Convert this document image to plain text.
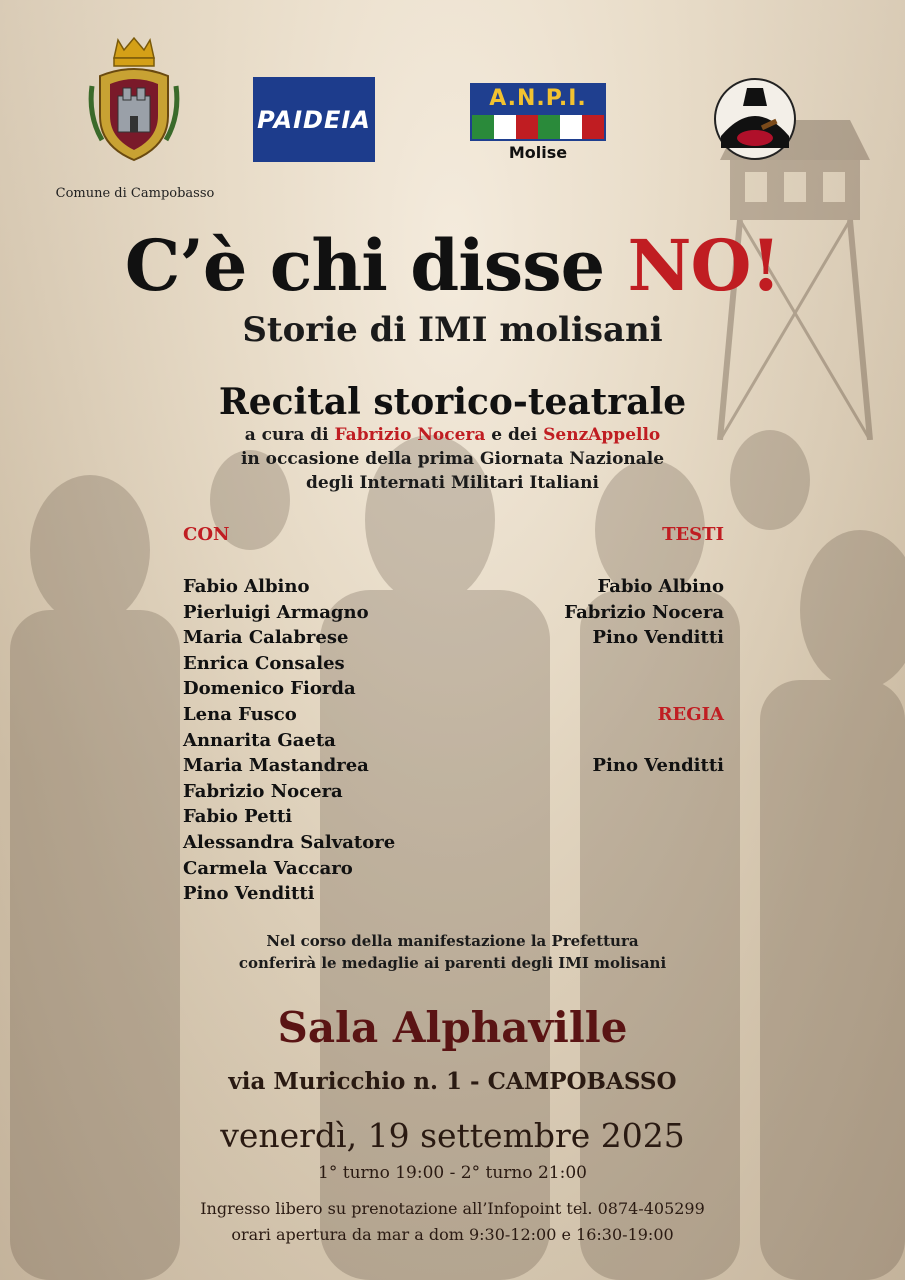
Comune di Campobasso
PAIDEIA
A.N.P.I.
Molise
C’è chi disse NO!
Storie di IMI molisani
Recital storico-teatrale
a cura di Fabrizio Nocera e dei SenzAppello
in occasione della prima Giornata Nazionale
degli Internati Militari Italiani
CON
Fabio Albino
Pierluigi Armagno
Maria Calabrese
Enrica Consales
Domenico Fiorda
Lena Fusco
Annarita Gaeta
Maria Mastandrea
Fabrizio Nocera
Fabio Petti
Alessandra Salvatore
Carmela Vaccaro
Pino Venditti
TESTI
Fabio Albino
Fabrizio Nocera
Pino Venditti
REGIA
Pino Venditti
Nel corso della manifestazione la Prefettura
conferirà le medaglie ai parenti degli IMI molisani
Sala Alphaville
via Muricchio n. 1 - CAMPOBASSO
venerdì, 19 settembre 2025
1° turno 19:00 - 2° turno 21:00
Ingresso libero su prenotazione all’Infopoint tel. 0874-405299
orari apertura da mar a dom 9:30-12:00 e 16:30-19:00
